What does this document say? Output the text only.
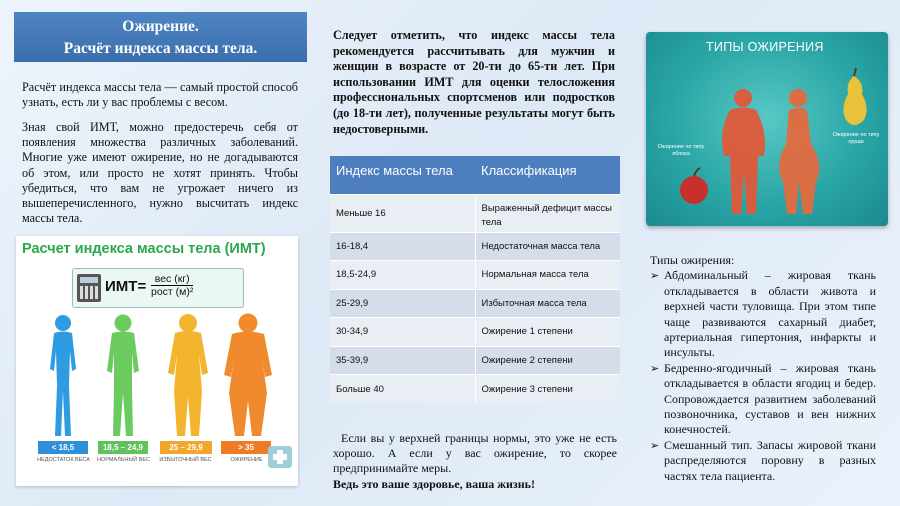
Ожирение.
Расчёт индекса массы тела.
Расчёт индекса массы тела — самый простой способ узнать, есть ли у вас проблемы с весом.
Зная свой ИМТ, можно предостеречь себя от появления множества различных заболеваний. Многие уже имеют ожирение, но не догадываются об этом, или просто не хотят принять. Чтобы убедиться, что вам не угрожает ничего из вышеперечисленного, нужно высчитать индекс массы тела.
Расчет индекса массы тела (ИМТ)
ИМТ= вес (кг)
рост (м)²
< 18,5	18,5 – 24,9	25 – 29,9	> 35
НЕДОСТАТОК ВЕСА НОРМАЛЬНЫЙ ВЕС ИЗБЫТОЧНЫЙ ВЕС	ОЖИРЕНИЕ
Следует отметить, что индекс массы тела рекомендуется рассчитывать для мужчин и женщин в возрасте от 20-ти до 65-ти лет. При использовании ИМТ для оценки телосложения профессиональных спортсменов или подростков (до 18-ти лет), полученные результаты могут быть недостоверными.
Индекс массы тела	Классификация
Меньше 16	Выраженный дефицит массы тела
16-18,4	Недостаточная масса тела
18,5-24,9	Нормальная масса тела
25-29,9	Избыточная масса тела
30-34,9	Ожирение 1 степени
35-39,9	Ожирение 2 степени
Больше 40	Ожирение 3 степени
Если вы у верхней границы нормы, это уже не есть хорошо. А если у вас ожирение, то скорее предпринимайте меры.
Ведь это ваше здоровье, ваша жизнь!
ТИПЫ ОЖИРЕНИЯ
Ожирение по типу яблока
Ожирение по типу груши
Типы ожирения:
➢ Абдоминальный – жировая ткань откладывается в области живота и верхней части туловища. При этом типе чаще развиваются сахарный диабет, артериальная гипертония, инфаркты и инсульты.
➢ Бедренно-ягодичный – жировая ткань откладывается в области ягодиц и бедер. Сопровождается развитием заболеваний позвоночника, суставов и вен нижних конечностей.
➢ Смешанный тип. Запасы жировой ткани распределяются поровну в разных частях тела пациента.
